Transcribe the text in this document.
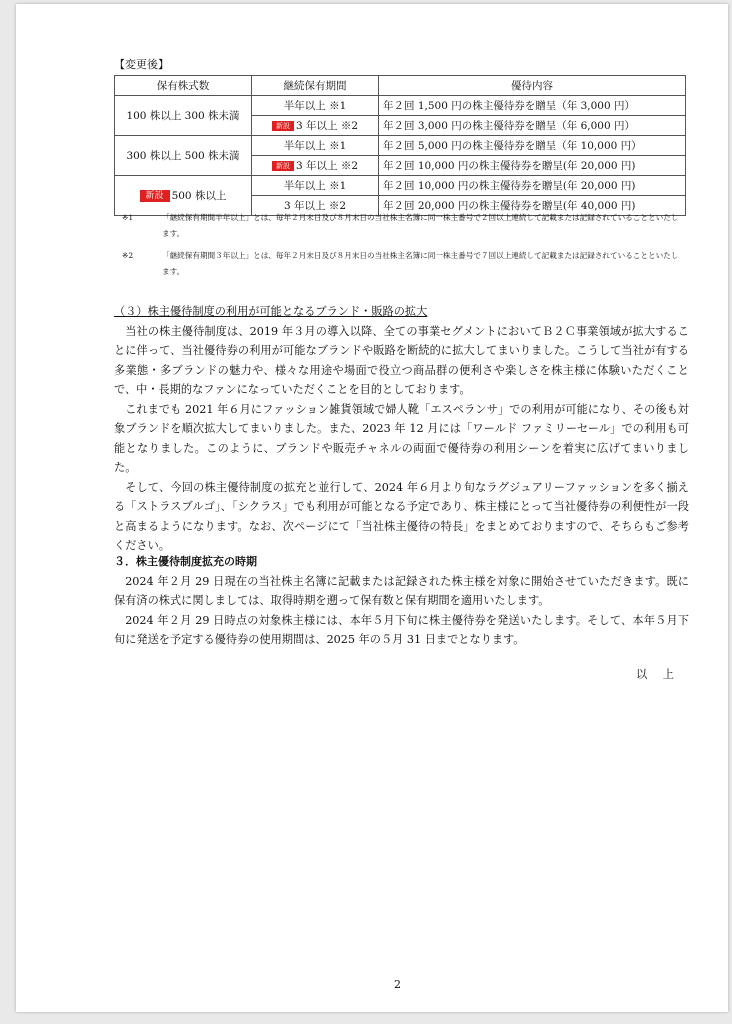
【変更後】
保有株式数	継続保有期間	優待内容
100 株以上 300 株未満	半年以上 ※1	年２回 1,500 円の株主優待券を贈呈（年 3,000 円）
	新設 3 年以上 ※2	年２回 3,000 円の株主優待券を贈呈（年 6,000 円）
300 株以上 500 株未満	半年以上 ※1	年２回 5,000 円の株主優待券を贈呈（年 10,000 円）
	新設 3 年以上 ※2	年２回 10,000 円の株主優待券を贈呈(年 20,000 円)
新設 500 株以上	半年以上 ※1	年２回 10,000 円の株主優待券を贈呈(年 20,000 円)
	3 年以上 ※2	年２回 20,000 円の株主優待券を贈呈(年 40,000 円)
※1	「継続保有期間半年以上」とは、毎年２月末日及び８月末日の当社株主名簿に同一株主番号で２回以上連続して記載または記録されていることといたします。
※2	「継続保有期間３年以上」とは、毎年２月末日及び８月末日の当社株主名簿に同一株主番号で７回以上連続して記載または記録されていることといたします。
（３）株主優待制度の利用が可能となるブランド・販路の拡大
当社の株主優待制度は、2019 年３月の導入以降、全ての事業セグメントにおいてＢ２Ｃ事業領域が拡大することに伴って、当社優待券の利用が可能なブランドや販路を断続的に拡大してまいりました。こうして当社が有する多業態・多ブランドの魅力や、様々な用途や場面で役立つ商品群の便利さや楽しさを株主様に体験いただくことで、中・長期的なファンになっていただくことを目的としております。
これまでも 2021 年６月にファッション雑貨領域で婦人靴「エスペランサ」での利用が可能になり、その後も対象ブランドを順次拡大してまいりました。また、2023 年 12 月には「ワールド ファミリーセール」での利用も可能となりました。このように、ブランドや販売チャネルの両面で優待券の利用シーンを着実に広げてまいりました。
そして、今回の株主優待制度の拡充と並行して、2024 年６月より旬なラグジュアリーファッションを多く揃える「ストラスブルゴ」、「シクラス」でも利用が可能となる予定であり、株主様にとって当社優待券の利便性が一段と高まるようになります。なお、次ページにて「当社株主優待の特長」をまとめておりますので、そちらもご参考ください。
３．株主優待制度拡充の時期
2024 年２月 29 日現在の当社株主名簿に記載または記録された株主様を対象に開始させていただきます。既に保有済の株式に関しましては、取得時期を遡って保有数と保有期間を適用いたします。
2024 年２月 29 日時点の対象株主様には、本年５月下旬に株主優待券を発送いたします。そして、本年５月下旬に発送を予定する優待券の使用期間は、2025 年の５月 31 日までとなります。
以 上
2
